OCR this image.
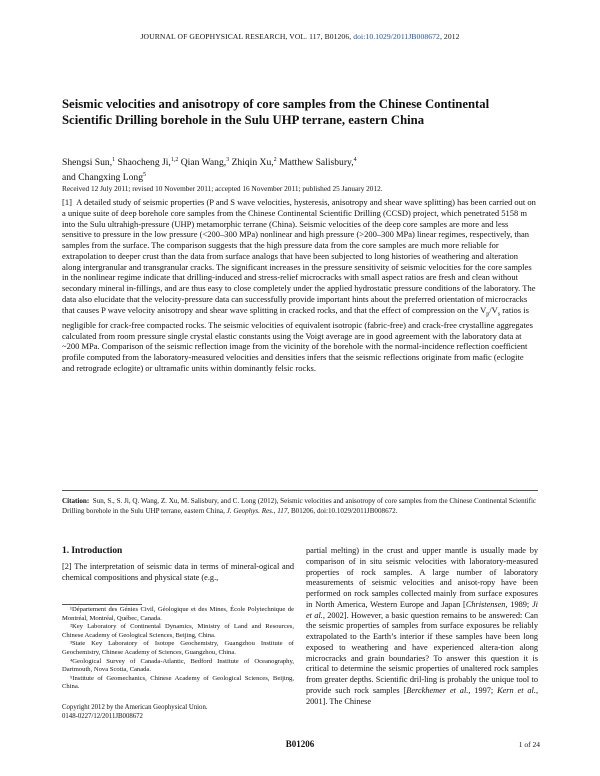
JOURNAL OF GEOPHYSICAL RESEARCH, VOL. 117, B01206, doi:10.1029/2011JB008672, 2012
Seismic velocities and anisotropy of core samples from the Chinese Continental Scientific Drilling borehole in the Sulu UHP terrane, eastern China
Shengsi Sun,$^1$ Shaocheng Ji,$^{1,2}$ Qian Wang,$^3$ Zhiqin Xu,$^2$ Matthew Salisbury,$^4$
and Changxing Long$^5$
Received 12 July 2011; revised 10 November 2011; accepted 16 November 2011; published 25 January 2012.
[1] A detailed study of seismic properties (P and S wave velocities, hysteresis, anisotropy and shear wave splitting) has been carried out on a unique suite of deep borehole core samples from the Chinese Continental Scientific Drilling (CCSD) project, which penetrated 5158 m into the Sulu ultrahigh-pressure (UHP) metamorphic terrane (China). Seismic velocities of the deep core samples are more and less sensitive to pressure in the low pressure (<200–300 MPa) nonlinear and high pressure (>200–300 MPa) linear regimes, respectively, than samples from the surface. The comparison suggests that the high pressure data from the core samples are much more reliable for extrapolation to deeper crust than the data from surface analogs that have been subjected to long histories of weathering and alteration along intergranular and transgranular cracks. The significant increases in the pressure sensitivity of seismic velocities for the core samples in the nonlinear regime indicate that drilling-induced and stress-relief microcracks with small aspect ratios are fresh and clean without secondary mineral in-fillings, and are thus easy to close completely under the applied hydrostatic pressure conditions of the laboratory. The data also elucidate that the velocity-pressure data can successfully provide important hints about the preferred orientation of microcracks that causes P wave velocity anisotropy and shear wave splitting in cracked rocks, and that the effect of compression on the $V_p/V_s$ ratios is negligible for crack-free compacted rocks. The seismic velocities of equivalent isotropic (fabric-free) and crack-free crystalline aggregates calculated from room pressure single crystal elastic constants using the Voigt average are in good agreement with the laboratory data at ~200 MPa. Comparison of the seismic reflection image from the vicinity of the borehole with the normal-incidence reflection coefficient profile computed from the laboratory-measured velocities and densities infers that the seismic reflections originate from mafic (eclogite and retrograde eclogite) or ultramafic units within dominantly felsic rocks.
Citation: Sun, S., S. Ji, Q. Wang, Z. Xu, M. Salisbury, and C. Long (2012), Seismic velocities and anisotropy of core samples from the Chinese Continental Scientific Drilling borehole in the Sulu UHP terrane, eastern China, J. Geophys. Res., 117, B01206, doi:10.1029/2011JB008672.
1. Introduction
[2] The interpretation of seismic data in terms of mineral-ogical and chemical compositions and physical state (e.g.,
¹Département des Génies Civil, Géologique et des Mines, École Polytechnique de Montréal, Montréal, Québec, Canada.
²Key Laboratory of Continental Dynamics, Ministry of Land and Resources, Chinese Academy of Geological Sciences, Beijing, China.
³State Key Laboratory of Isotope Geochemistry, Guangzhou Institute of Geochemistry, Chinese Academy of Sciences, Guangzhou, China.
⁴Geological Survey of Canada-Atlantic, Bedford Institute of Oceanography, Dartmouth, Nova Scotia, Canada.
⁵Institute of Geomechanics, Chinese Academy of Geological Sciences, Beijing, China.
Copyright 2012 by the American Geophysical Union.
0148-0227/12/2011JB008672
partial melting) in the crust and upper mantle is usually made by comparison of in situ seismic velocities with laboratory-measured properties of rock samples. A large number of laboratory measurements of seismic velocities and anisot-ropy have been performed on rock samples collected mainly from surface exposures in North America, Western Europe and Japan [Christensen, 1989; Ji et al., 2002]. However, a basic question remains to be answered: Can the seismic properties of samples from surface exposures be reliably extrapolated to the Earth’s interior if these samples have been long exposed to weathering and have experienced altera-tion along microcracks and grain boundaries? To answer this question it is critical to determine the seismic properties of unaltered rock samples from greater depths. Scientific dril-ling is probably the unique tool to provide such rock samples [Berckhemer et al., 1997; Kern et al., 2001]. The Chinese
B01206	1 of 24
